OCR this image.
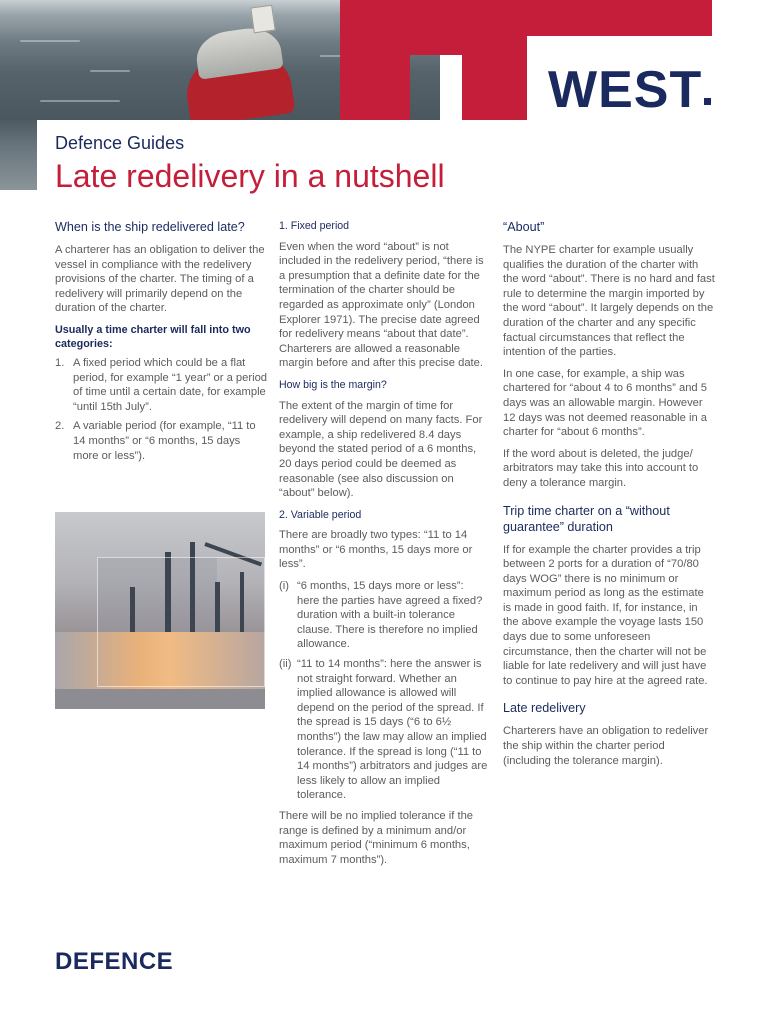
WEST
Defence Guides
Late redelivery in a nutshell
When is the ship redelivered late?

A charterer has an obligation to deliver the vessel in compliance with the redelivery provisions of the charter. The timing of a redelivery will primarily depend on the duration of the charter.

Usually a time charter will fall into two categories:
1. A fixed period which could be a flat period, for example “1 year” or a period of time until a certain date, for example “until 15th July”.
2. A variable period (for example, “11 to 14 months” or “6 months, 15 days more or less”).
1. Fixed period

Even when the word “about” is not included in the redelivery period, “there is a presumption that a definite date for the termination of the charter should be regarded as approximate only” (London Explorer 1971). The precise date agreed for redelivery means “about that date”. Charterers are allowed a reasonable margin before and after this precise date.

How big is the margin?

The extent of the margin of time for redelivery will depend on many facts. For example, a ship redelivered 8.4 days beyond the stated period of a 6 months, 20 days period could be deemed as reasonable (see also discussion on “about” below).

2. Variable period

There are broadly two types: “11 to 14 months” or “6 months, 15 days more or less”.

(i) “6 months, 15 days more or less”: here the parties have agreed a fixed? duration with a built-in tolerance clause. There is therefore no implied allowance.
(ii) “11 to 14 months”: here the answer is not straight forward. Whether an implied allowance is allowed will depend on the period of the spread. If the spread is 15 days (“6 to 6½ months”) the law may allow an implied tolerance. If the spread is long (“11 to 14 months”) arbitrators and judges are less likely to allow an implied tolerance.

There will be no implied tolerance if the range is defined by a minimum and/or maximum period (“minimum 6 months, maximum 7 months”).

“About”

The NYPE charter for example usually qualifies the duration of the charter with the word “about”. There is no hard and fast rule to determine the margin imported by the word “about”. It largely depends on the duration of the charter and any specific factual circumstances that reflect the intention of the parties.

In one case, for example, a ship was chartered for “about 4 to 6 months” and 5 days was an allowable margin. However 12 days was not deemed reasonable in a charter for “about 6 months”.

If the word about is deleted, the judge/ arbitrators may take this into account to deny a tolerance margin.

Trip time charter on a “without guarantee” duration

If for example the charter provides a trip between 2 ports for a duration of “70/80 days WOG” there is no minimum or maximum period as long as the estimate is made in good faith. If, for instance, in the above example the voyage lasts 150 days due to some unforeseen circumstance, then the charter will not be liable for late redelivery and will just have to continue to pay hire at the agreed rate.

Late redelivery

Charterers have an obligation to redeliver the ship within the charter period (including the tolerance margin).

DEFENCE
